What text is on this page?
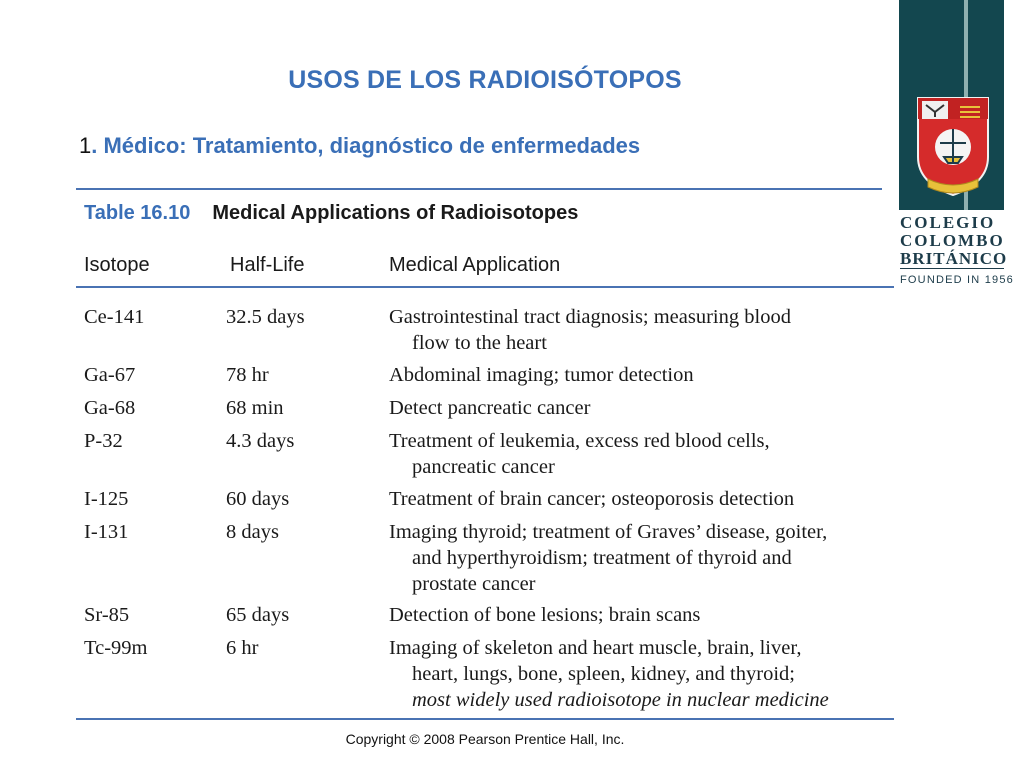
USOS DE LOS RADIOISÓTOPOS
1. Médico: Tratamiento, diagnóstico de enfermedades
Table 16.10 Medical Applications of Radioisotopes
Isotope	Half-Life	Medical Application
Ce-141	32.5 days	Gastrointestinal tract diagnosis; measuring blood
flow to the heart
Ga-67	78 hr	Abdominal imaging; tumor detection
Ga-68	68 min	Detect pancreatic cancer
P-32	4.3 days	Treatment of leukemia, excess red blood cells,
pancreatic cancer
I-125	60 days	Treatment of brain cancer; osteoporosis detection
I-131	8 days	Imaging thyroid; treatment of Graves’ disease, goiter,
and hyperthyroidism; treatment of thyroid and
prostate cancer
Sr-85	65 days	Detection of bone lesions; brain scans
Tc-99m	6 hr	Imaging of skeleton and heart muscle, brain, liver,
heart, lungs, bone, spleen, kidney, and thyroid;
most widely used radioisotope in nuclear medicine
Copyright © 2008 Pearson Prentice Hall, Inc.
COLEGIO
COLOMBO
BRITÁNICO
FOUNDED IN 1956
